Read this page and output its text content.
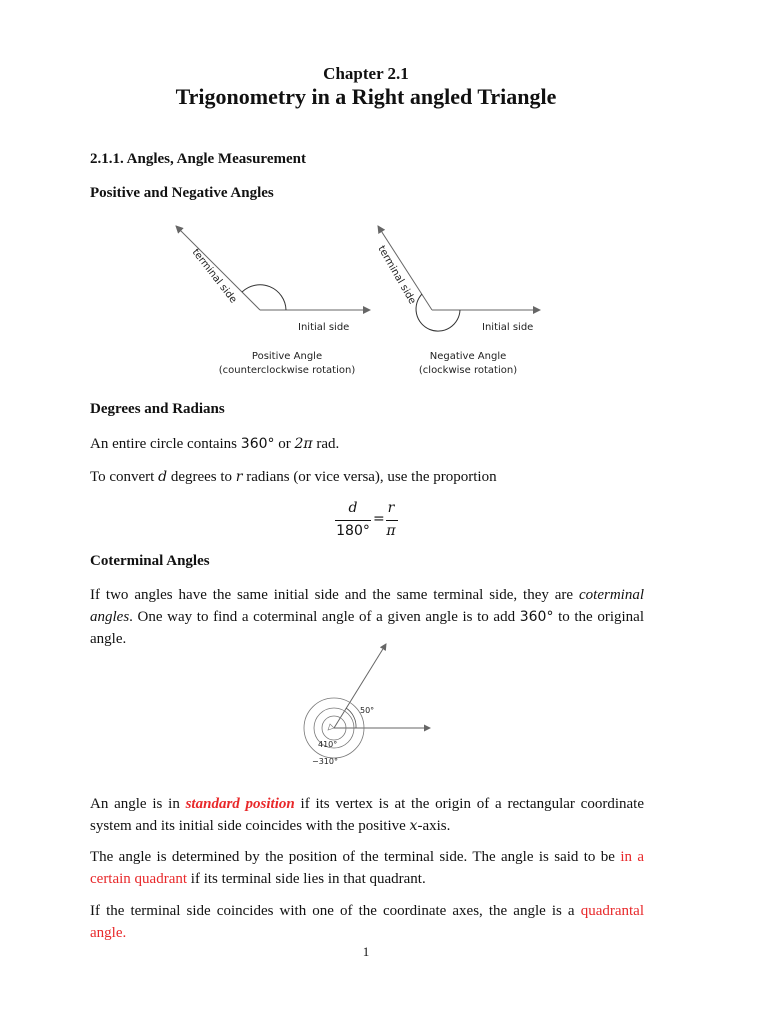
Chapter 2.1
Trigonometry in a Right angled Triangle
2.1.1. Angles, Angle Measurement
Positive and Negative Angles
terminal side
Initial side
Positive Angle
(counterclockwise rotation)
terminal side
Initial side
Negative Angle
(clockwise rotation)
Degrees and Radians
An entire circle contains 360° or 2π rad.
To convert d degrees to r radians (or vice versa), use the proportion
d
180°
=
r
π
Coterminal Angles
If two angles have the same initial side and the same terminal side, they are coterminal angles. One way to find a coterminal angle of a given angle is to add 360° to the original angle.
50°
410°
−310°
An angle is in standard position if its vertex is at the origin of a rectangular coordinate system and its initial side coincides with the positive x-axis.
The angle is determined by the position of the terminal side. The angle is said to be in a certain quadrant if its terminal side lies in that quadrant.
If the terminal side coincides with one of the coordinate axes, the angle is a quadrantal angle.
1
